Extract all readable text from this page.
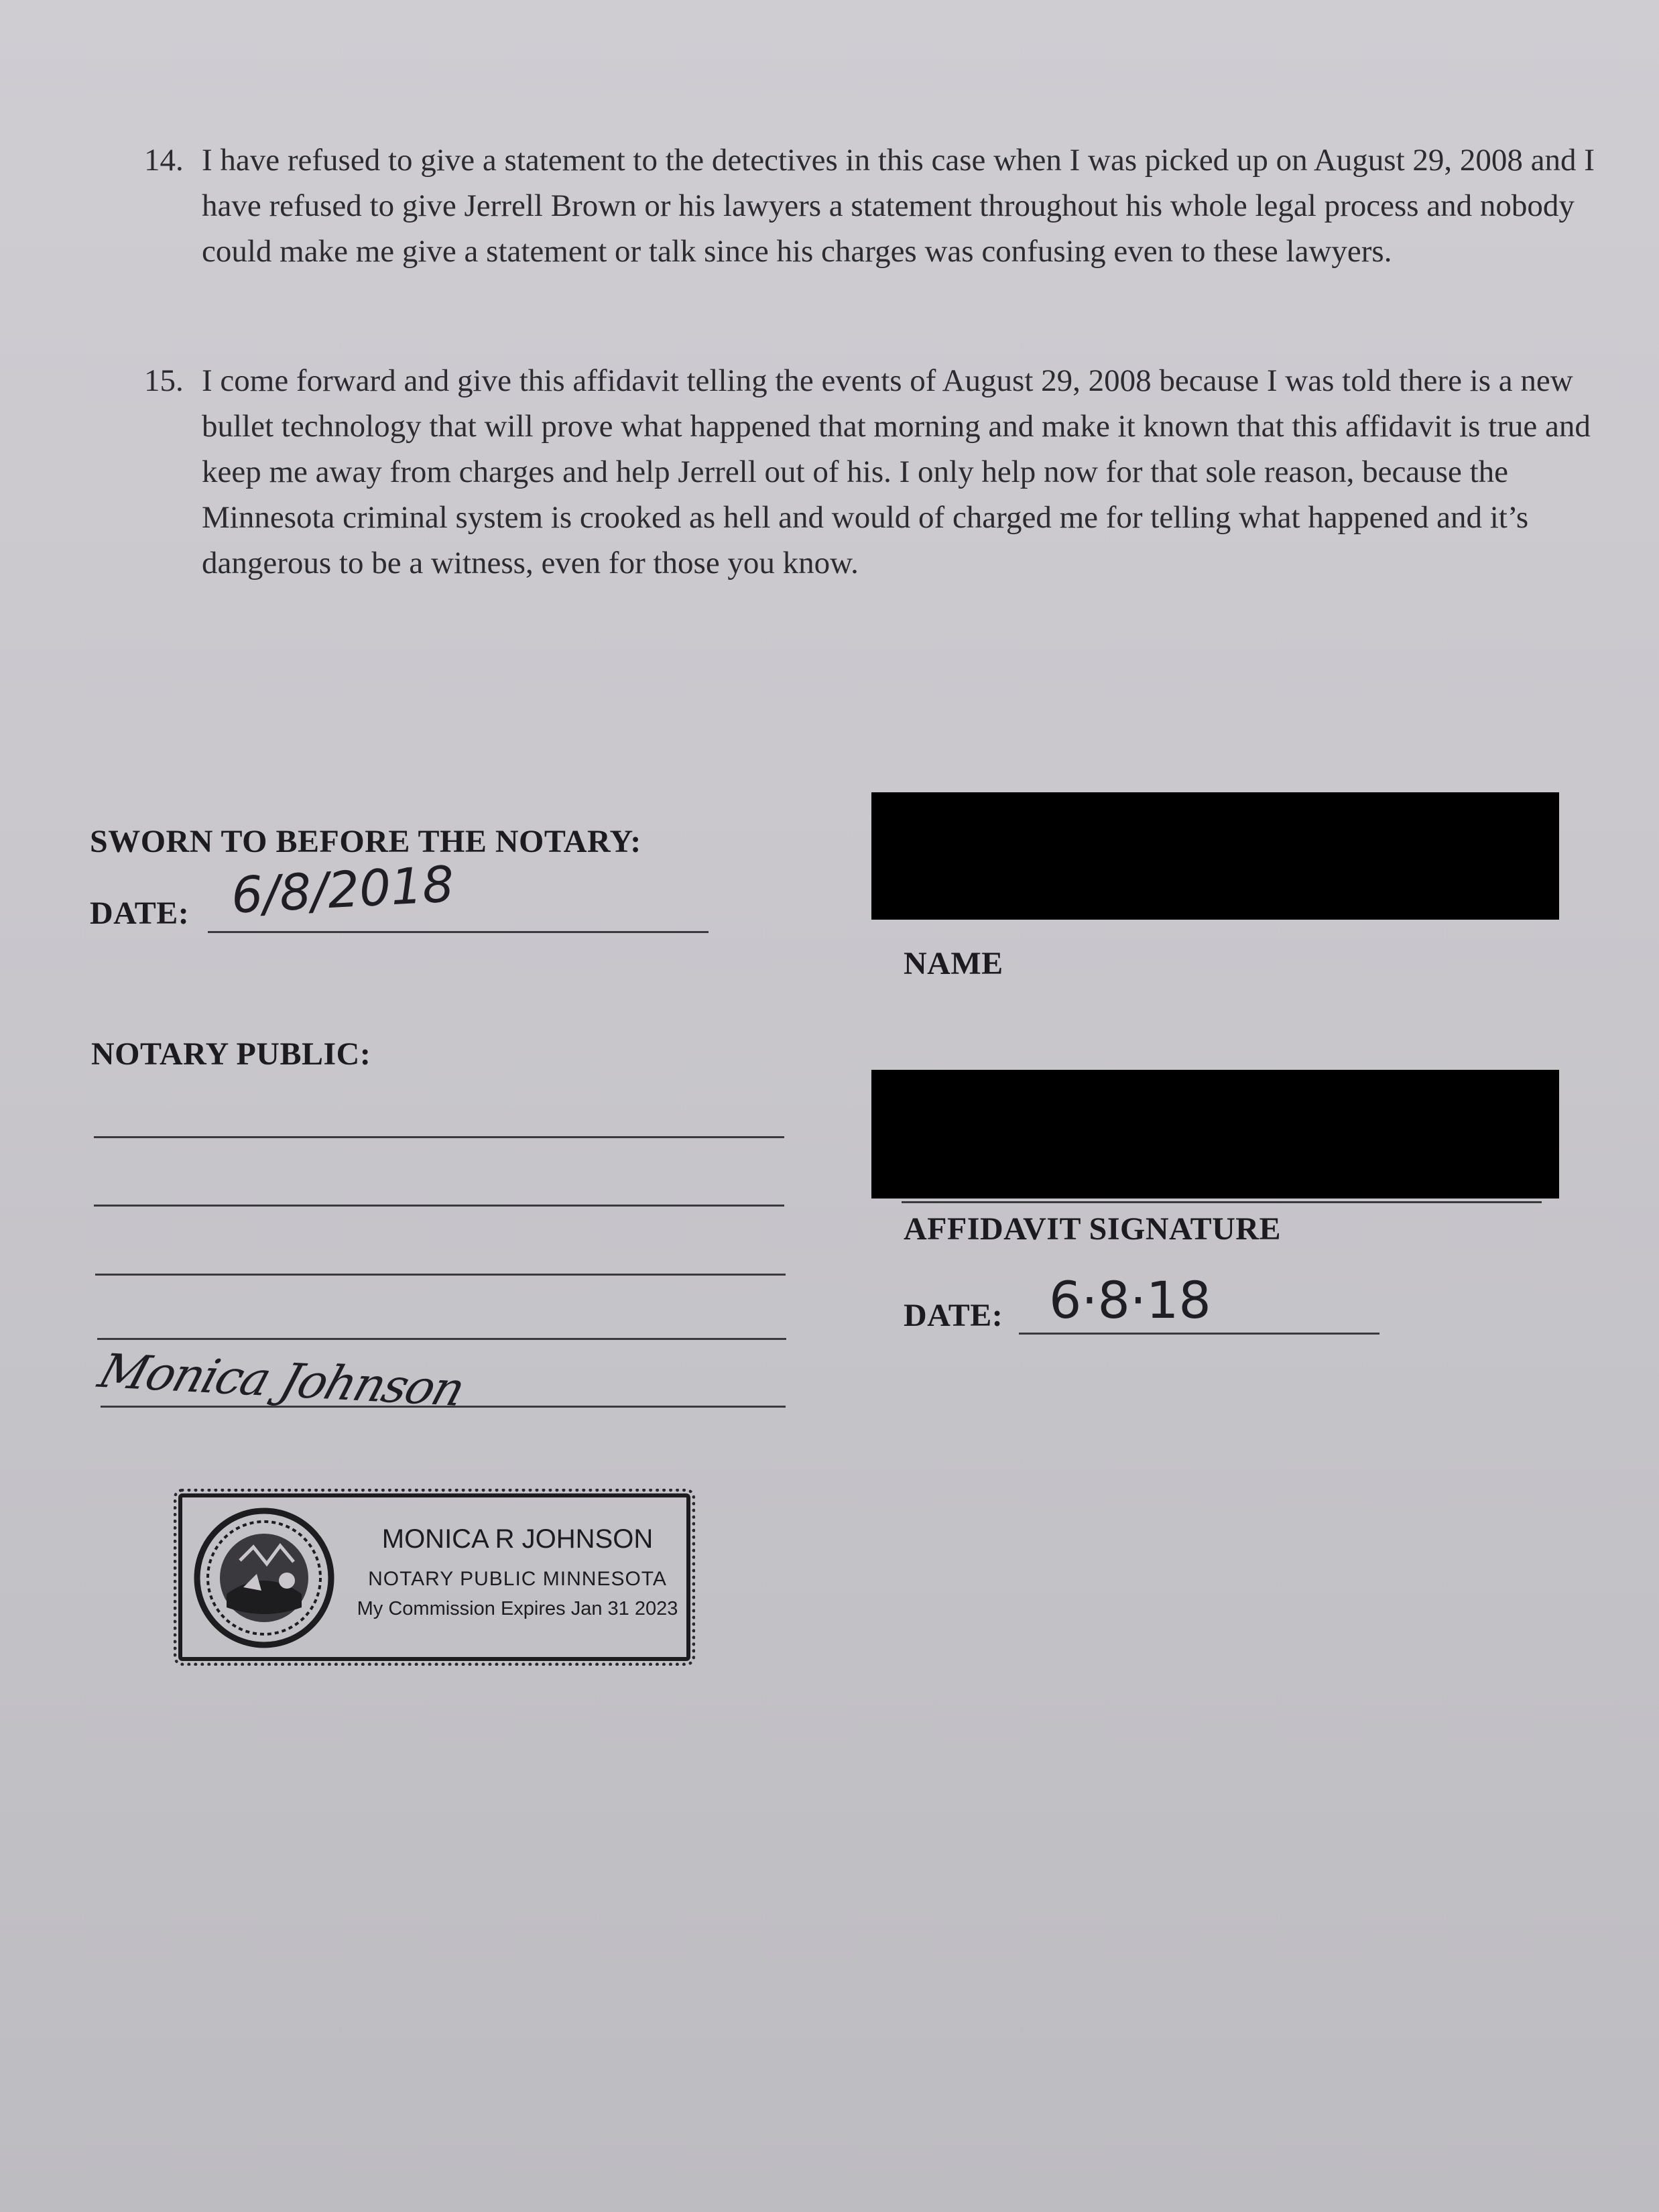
14. I have refused to give a statement to the detectives in this case when I was picked up on August 29, 2008 and I have refused to give Jerrell Brown or his lawyers a statement throughout his whole legal process and nobody could make me give a statement or talk since his charges was confusing even to these lawyers.
15. I come forward and give this affidavit telling the events of August 29, 2008 because I was told there is a new bullet technology that will prove what happened that morning and make it known that this affidavit is true and keep me away from charges and help Jerrell out of his. I only help now for that sole reason, because the Minnesota criminal system is crooked as hell and would of charged me for telling what happened and it’s dangerous to be a witness, even for those you know.
SWORN TO BEFORE THE NOTARY:
DATE: 6/8/2018
NOTARY PUBLIC:
Monica Johnson
MONICA R JOHNSON
NOTARY PUBLIC MINNESOTA
My Commission Expires Jan 31 2023
NAME
AFFIDAVIT SIGNATURE
DATE: 6·8·18
